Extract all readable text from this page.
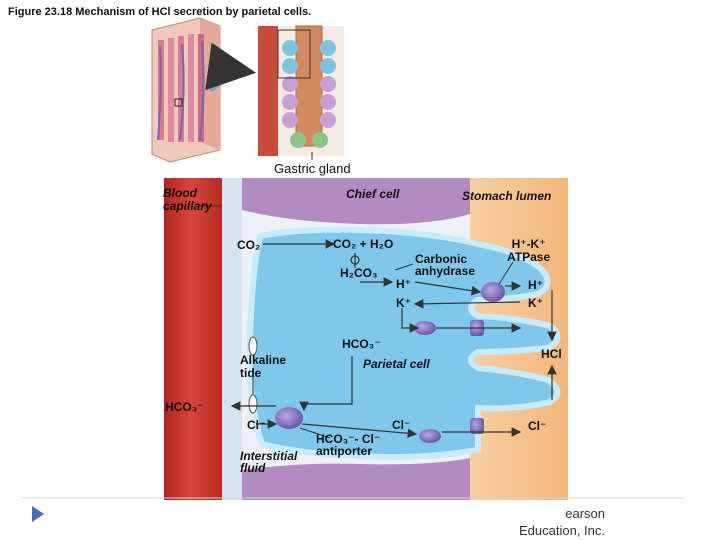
Figure 23.18 Mechanism of HCl secretion by parietal cells.
Gastric gland
Blood
capillary
Chief cell	Stomach lumen
CO₂	CO₂ + H₂O
H₂CO₃
Carbonic
anhydrase
H⁺
K⁺
H⁺-K⁺
ATPase
H⁺
K⁺
HCO₃⁻
HCl
Alkaline
tide
Parietal cell
HCO₃⁻
Cl⁻	Cl⁻	Cl⁻
HCO₃⁻- Cl⁻
antiporter
Interstitial
fluid
earson
Education, Inc.
